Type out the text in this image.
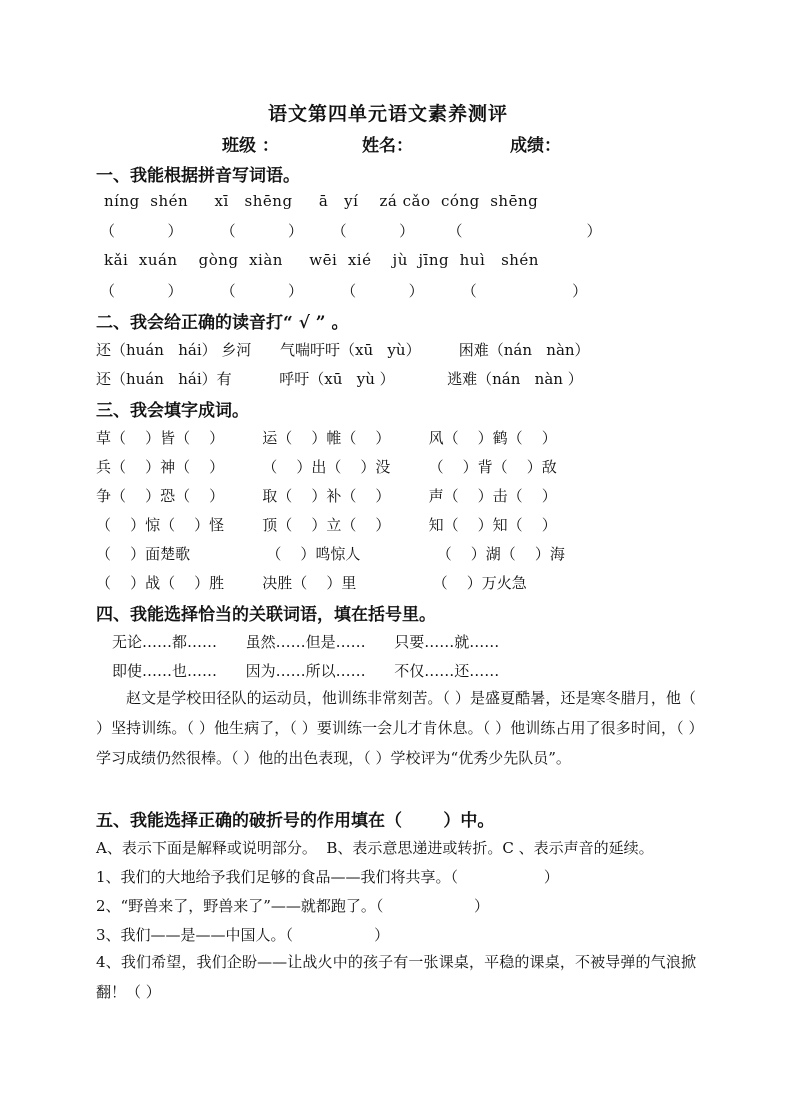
语文第四单元语文素养测评
班级 ：	姓名：	成绩：
一、我能根据拼音写词语。
níng  shén     xī   shēng     ā   yí    zá cǎo  cóng  shēng
（           ）        （           ）      （           ）       （                          ）
kǎi  xuán    gòng  xiàn     wēi  xié    jù  jīng  huì   shén
（           ）        （           ）        （           ）        （                    ）
二、我会给正确的读音打“ √ ” 。
还（huán   hái） 乡河      气喘吁吁（xū   yù）        困难（nán   nàn）
还（huán   hái）有          呼吁（xū   yù ）           逃难（nán   nàn ）
三、我会填字成词。
草（    ）皆（    ）        运（    ）帷（    ）        风（    ）鹤（    ）
兵（    ）神（    ）        （    ）出（    ）没        （    ）背（    ）敌
争（    ）恐（    ）        取（    ）补（    ）        声（    ）击（    ）
（    ）惊（    ）怪        顶（    ）立（    ）        知（    ）知（    ）
（    ）面楚歌                （    ）鸣惊人                （    ）湖（    ）海
（    ）战（    ）胜        决胜（    ）里                （    ）万火急
四、我能选择恰当的关联词语，填在括号里。
无论……都……      虽然……但是……      只要……就……
即使……也……      因为……所以……      不仅……还……
赵文是学校田径队的运动员，他训练非常刻苦。（ ）是盛夏酷暑，还是寒冬腊月，他（ ）坚持训练。（ ）他生病了，（ ）要训练一会儿才肯休息。（ ）他训练占用了很多时间，（ ）学习成绩仍然很棒。（ ）他的出色表现，（ ）学校评为“优秀少先队员”。
五、我能选择正确的破折号的作用填在（       ）中。
A、表示下面是解释或说明部分。  B、表示意思递进或转折。C 、表示声音的延续。
1、我们的大地给予我们足够的食品——我们将共享。（                  ）
2、“野兽来了，野兽来了”——就都跑了。（                   ）
3、我们——是——中国人。（                 ）
4、我们希望，我们企盼——让战火中的孩子有一张课桌，平稳的课桌，不被导弹的气浪掀翻！（ ）
